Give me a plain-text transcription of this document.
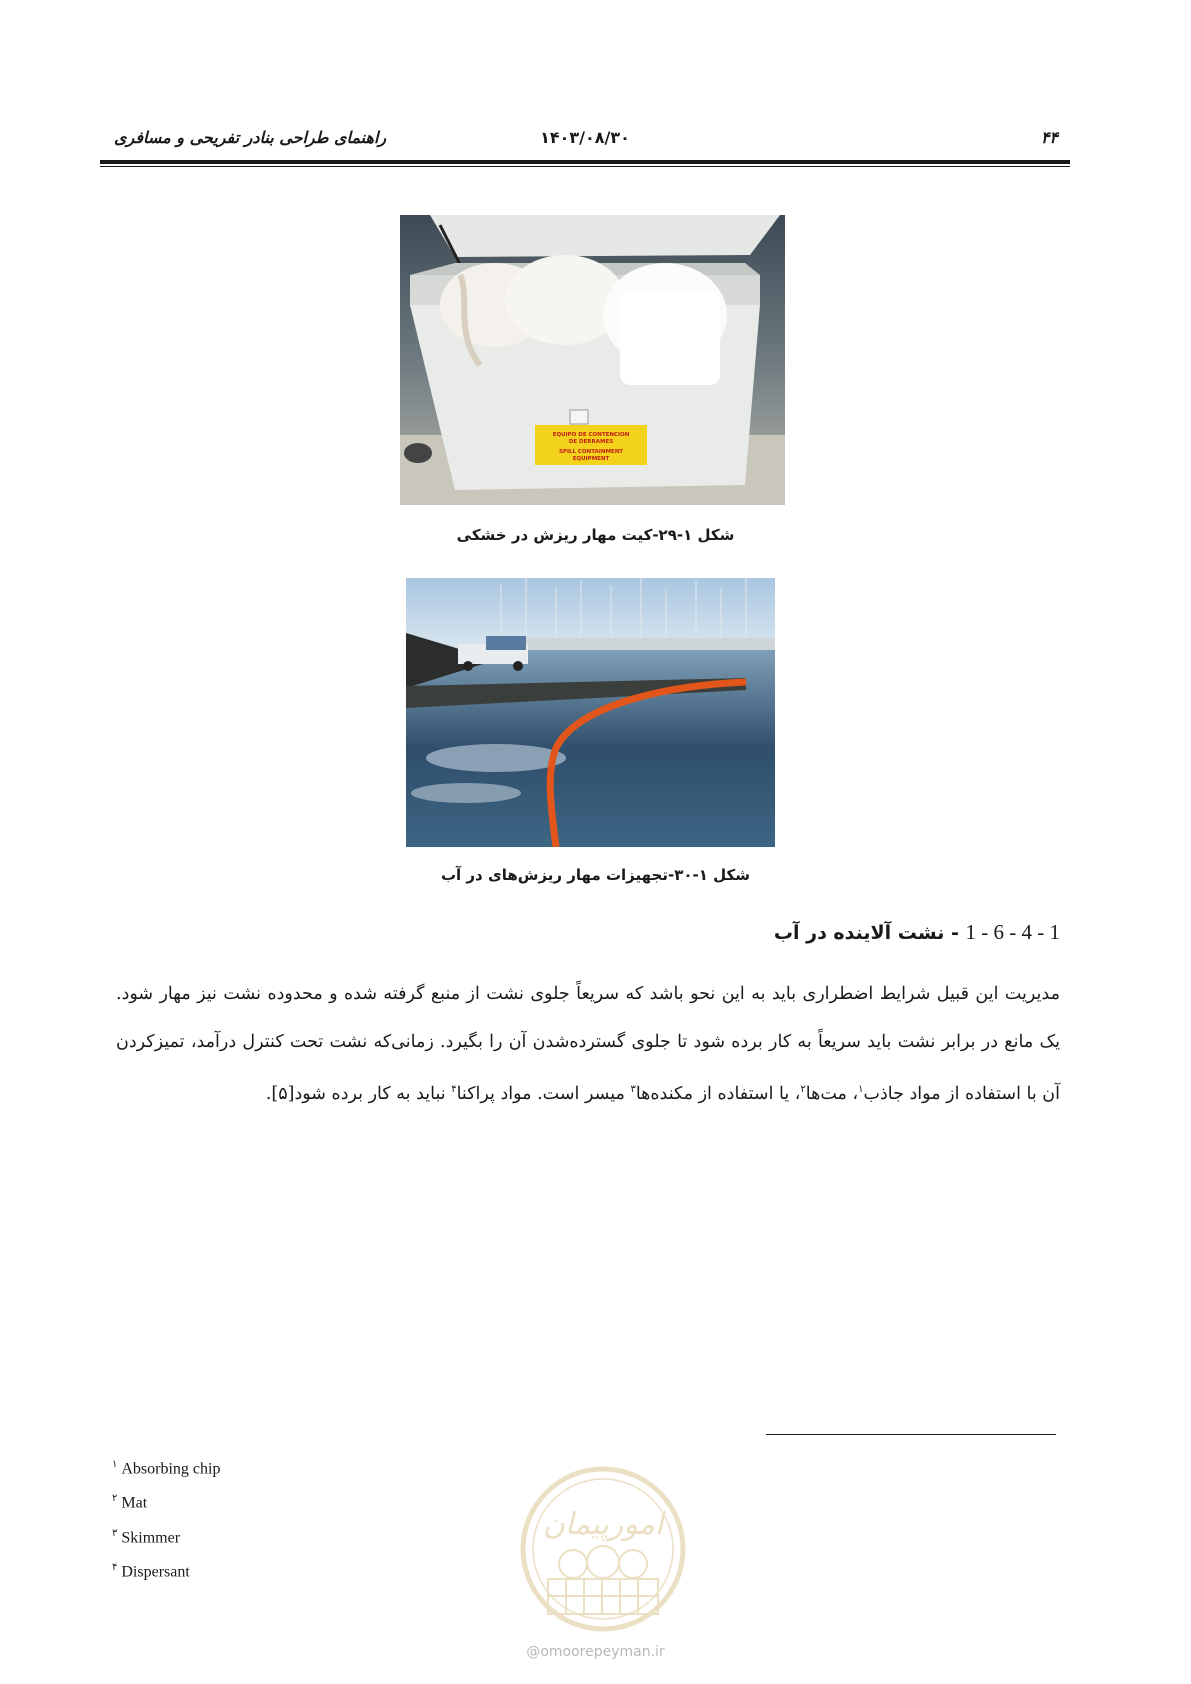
۴۴
۱۴۰۳/۰۸/۳۰
راهنمای طراحی بنادر تفریحی و مسافری
EQUIPO DE CONTENCION
DE DERRAMES
SPILL CONTAINMENT
EQUIPMENT
شکل ۱-۲۹-کیت مهار ریزش در خشکی
شکل ۱-۳۰-تجهیزات مهار ریزش‌های در آب
1 - 6 - 4 - 1 - نشت آلاینده در آب
مدیریت این قبیل شرایط اضطراری باید به این نحو باشد که سریعاً جلوی نشت از منبع گرفته شده و محدوده نشت نیز مهار شود. یک مانع در برابر نشت باید سریعاً به کار برده شود تا جلوی گسترده‌شدن آن را بگیرد. زمانی‌که نشت تحت کنترل درآمد، تمیزکردن آن با استفاده از مواد جاذب$^۱$، مت‌ها$^۲$، یا استفاده از مکنده‌ها$^۳$ میسر است. مواد پراکنا$^۴$ نباید به کار برده شود[۵].
$^۱$ Absorbing chip
$^۲$ Mat
$^۳$ Skimmer
$^۴$ Dispersant
امورپیمان
@omoorepeyman.ir
